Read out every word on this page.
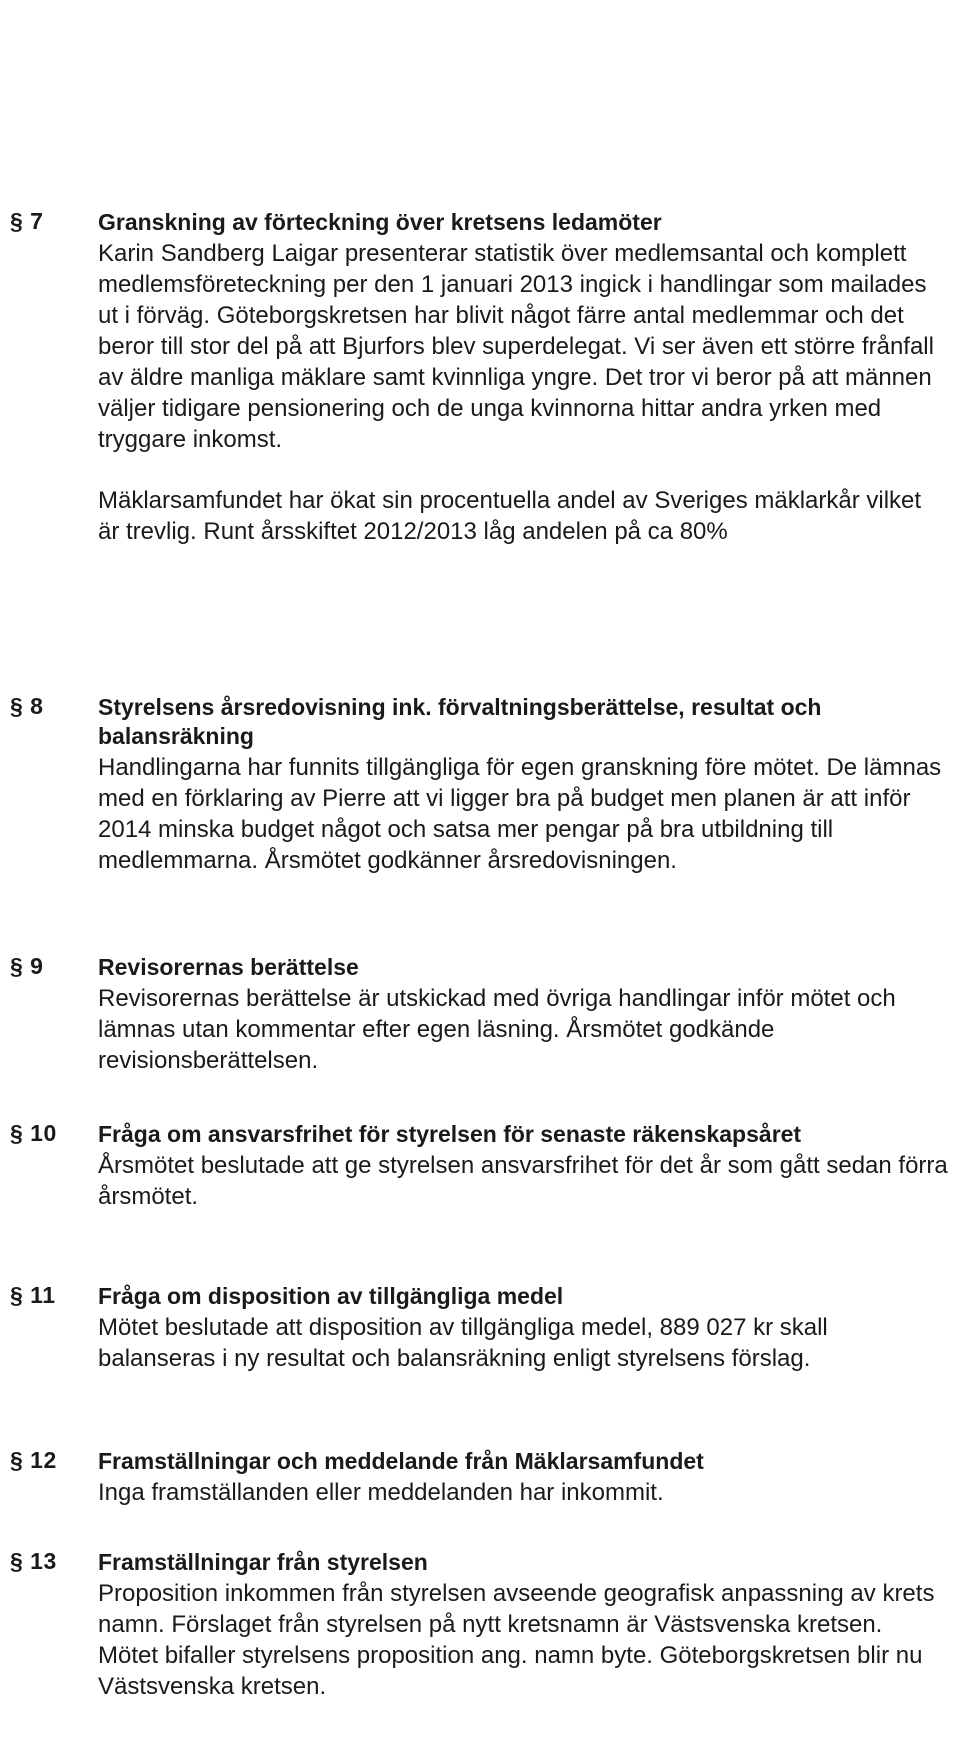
§ 7 Granskning av förteckning över kretsens ledamöter

Karin Sandberg Laigar presenterar statistik över medlemsantal och komplett medlemsföreteckning per den 1 januari 2013 ingick i handlingar som mailades ut i förväg. Göteborgskretsen har blivit något färre antal medlemmar och det beror till stor del på att Bjurfors blev superdelegat. Vi ser även ett större frånfall av äldre manliga mäklare samt kvinnliga yngre. Det tror vi beror på att männen väljer tidigare pensionering och de unga kvinnorna hittar andra yrken med tryggare inkomst.

Mäklarsamfundet har ökat sin procentuella andel av Sveriges mäklarkår vilket är trevlig. Runt årsskiftet 2012/2013 låg andelen på ca 80%

§ 8 Styrelsens årsredovisning ink. förvaltningsberättelse, resultat och balansräkning

Handlingarna har funnits tillgängliga för egen granskning före mötet. De lämnas med en förklaring av Pierre att vi ligger bra på budget men planen är att inför 2014 minska budget något och satsa mer pengar på bra utbildning till medlemmarna. Årsmötet godkänner årsredovisningen.

§ 9 Revisorernas berättelse

Revisorernas berättelse är utskickad med övriga handlingar inför mötet och lämnas utan kommentar efter egen läsning. Årsmötet godkände revisionsberättelsen.

§ 10 Fråga om ansvarsfrihet för styrelsen för senaste räkenskapsåret

Årsmötet beslutade att ge styrelsen ansvarsfrihet för det år som gått sedan förra årsmötet.

§ 11 Fråga om disposition av tillgängliga medel

Mötet beslutade att disposition av tillgängliga medel, 889 027 kr skall balanseras i ny resultat och balansräkning enligt styrelsens förslag.

§ 12 Framställningar och meddelande från Mäklarsamfundet

Inga framställanden eller meddelanden har inkommit.

§ 13 Framställningar från styrelsen

Proposition inkommen från styrelsen avseende geografisk anpassning av krets namn. Förslaget från styrelsen på nytt kretsnamn är Västsvenska kretsen. Mötet bifaller styrelsens proposition ang. namn byte. Göteborgskretsen blir nu Västsvenska kretsen.
